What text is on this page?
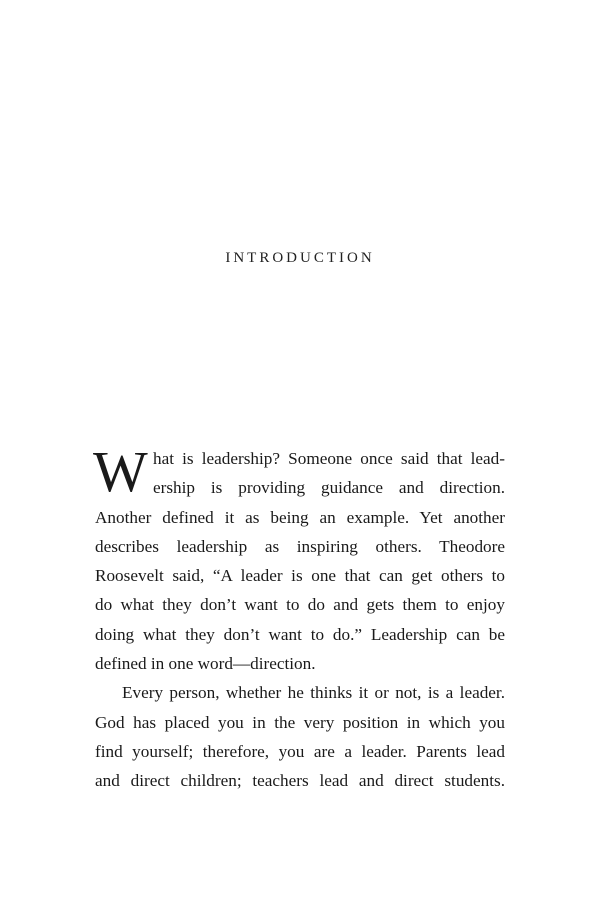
INTRODUCTION
W hat is leadership? Someone once said that lead-
ership is providing guidance and direction.
Another defined it as being an example. Yet another
describes leadership as inspiring others. Theodore
Roosevelt said, “A leader is one that can get others to
do what they don’t want to do and gets them to enjoy
doing what they don’t want to do.” Leadership can be
defined in one word—direction.
Every person, whether he thinks it or not, is a leader.
God has placed you in the very position in which you
find yourself; therefore, you are a leader. Parents lead
and direct children; teachers lead and direct students.
